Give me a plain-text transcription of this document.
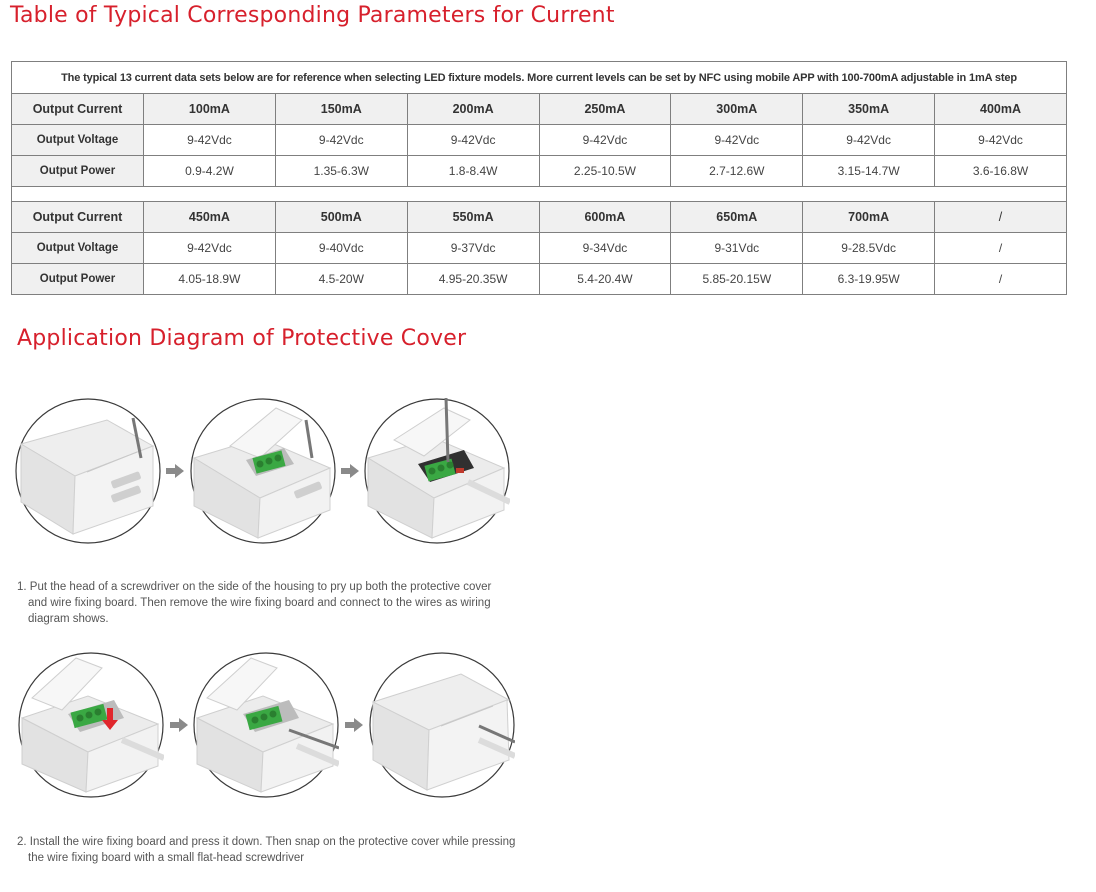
Table of Typical Corresponding Parameters for Current
The typical 13 current data sets below are for reference when selecting LED fixture models. More current levels can be set by NFC using mobile APP with 100-700mA adjustable in 1mA step							
Output Current	100mA	150mA	200mA	250mA	300mA	350mA	400mA
Output Voltage	9-42Vdc	9-42Vdc	9-42Vdc	9-42Vdc	9-42Vdc	9-42Vdc	9-42Vdc
Output Power	0.9-4.2W	1.35-6.3W	1.8-8.4W	2.25-10.5W	2.7-12.6W	3.15-14.7W	3.6-16.8W

Output Current	450mA	500mA	550mA	600mA	650mA	700mA	/
Output Voltage	9-42Vdc	9-40Vdc	9-37Vdc	9-34Vdc	9-31Vdc	9-28.5Vdc	/
Output Power	4.05-18.9W	4.5-20W	4.95-20.35W	5.4-20.4W	5.85-20.15W	6.3-19.95W	/
Application Diagram of Protective Cover

1. Put the head of a screwdriver on the side of the housing to pry up both the protective cover
and wire fixing board. Then remove the wire fixing board and connect to the wires as wiring
diagram shows.

2. Install the wire fixing board and press it down. Then snap on the protective cover while pressing
the wire fixing board with a small flat-head screwdriver
